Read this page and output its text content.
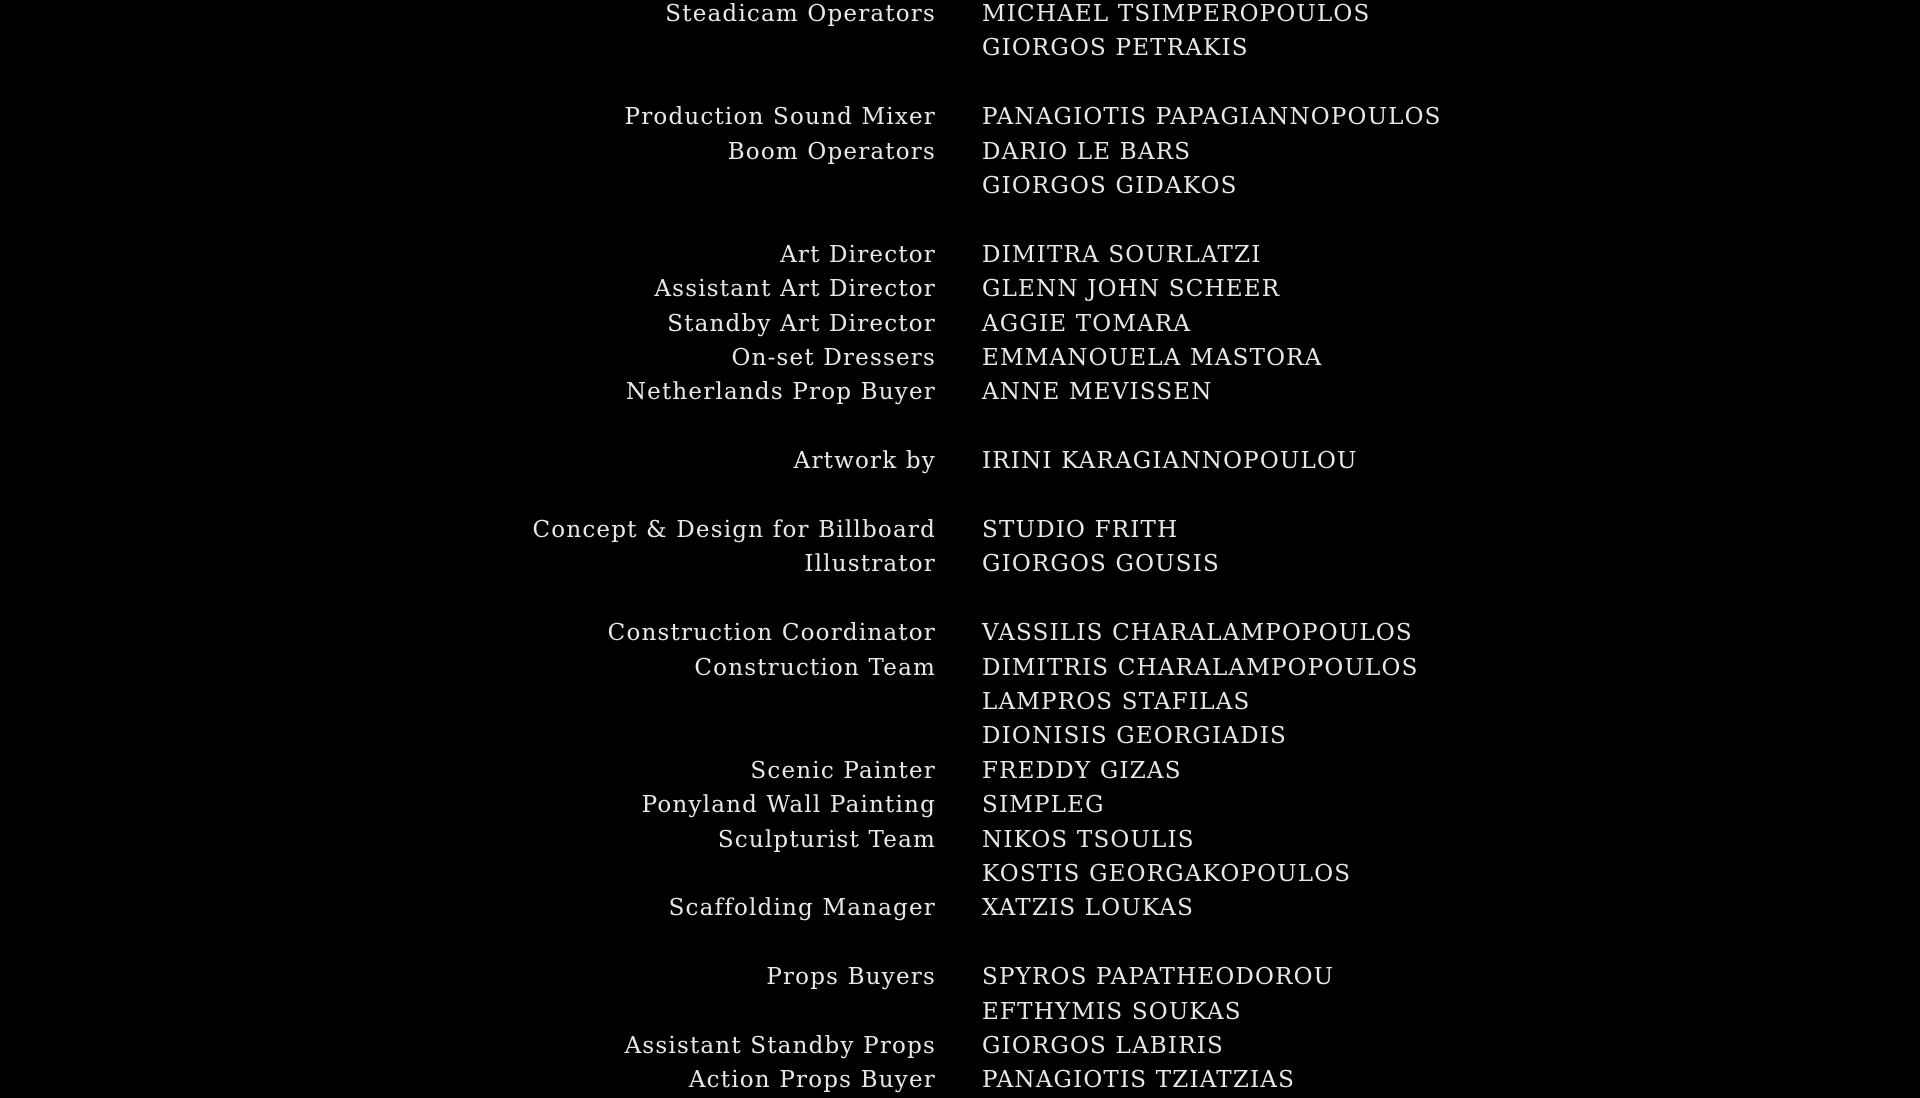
Steadicam Operators MICHAEL TSIMPEROPOULOS
GIORGOS PETRAKIS
Production Sound Mixer PANAGIOTIS PAPAGIANNOPOULOS
Boom Operators DARIO LE BARS
GIORGOS GIDAKOS
Art Director DIMITRA SOURLATZI
Assistant Art Director GLENN JOHN SCHEER
Standby Art Director AGGIE TOMARA
On-set Dressers EMMANOUELA MASTORA
Netherlands Prop Buyer ANNE MEVISSEN
Artwork by IRINI KARAGIANNOPOULOU
Concept & Design for Billboard STUDIO FRITH
Illustrator GIORGOS GOUSIS
Construction Coordinator VASSILIS CHARALAMPOPOULOS
Construction Team DIMITRIS CHARALAMPOPOULOS
LAMPROS STAFILAS
DIONISIS GEORGIADIS
Scenic Painter FREDDY GIZAS
Ponyland Wall Painting SIMPLEG
Sculpturist Team NIKOS TSOULIS
KOSTIS GEORGAKOPOULOS
Scaffolding Manager XATZIS LOUKAS
Props Buyers SPYROS PAPATHEODOROU
EFTHYMIS SOUKAS
Assistant Standby Props GIORGOS LABIRIS
Action Props Buyer PANAGIOTIS TZIATZIAS
